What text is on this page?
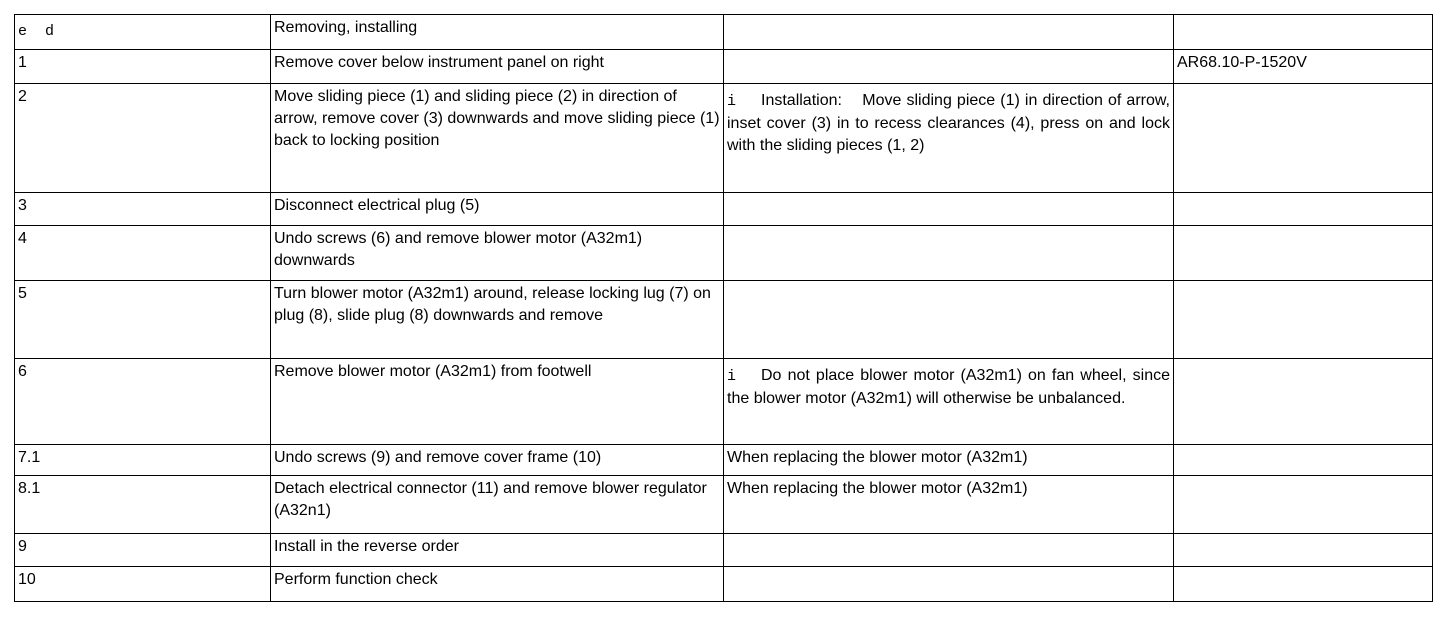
e  d	Removing, installing		
1	Remove cover below instrument panel on right		AR68.10-P-1520V
2	Move sliding piece (1) and sliding piece (2) in direction of arrow, remove cover (3) downwards and move sliding piece (1) back to locking position	i Installation: Move sliding piece (1) in direction of arrow, inset cover (3) in to recess clearances (4), press on and lock with the sliding pieces (1, 2)	
3	Disconnect electrical plug (5)		
4	Undo screws (6) and remove blower motor (A32m1) downwards		
5	Turn blower motor (A32m1) around, release locking lug (7) on plug (8), slide plug (8) downwards and remove		
6	Remove blower motor (A32m1) from footwell	i Do not place blower motor (A32m1) on fan wheel, since the blower motor (A32m1) will otherwise be unbalanced.	
7.1	Undo screws (9) and remove cover frame (10)	When replacing the blower motor (A32m1)	
8.1	Detach electrical connector (11) and remove blower regulator (A32n1)	When replacing the blower motor (A32m1)	
9	Install in the reverse order		
10	Perform function check		
